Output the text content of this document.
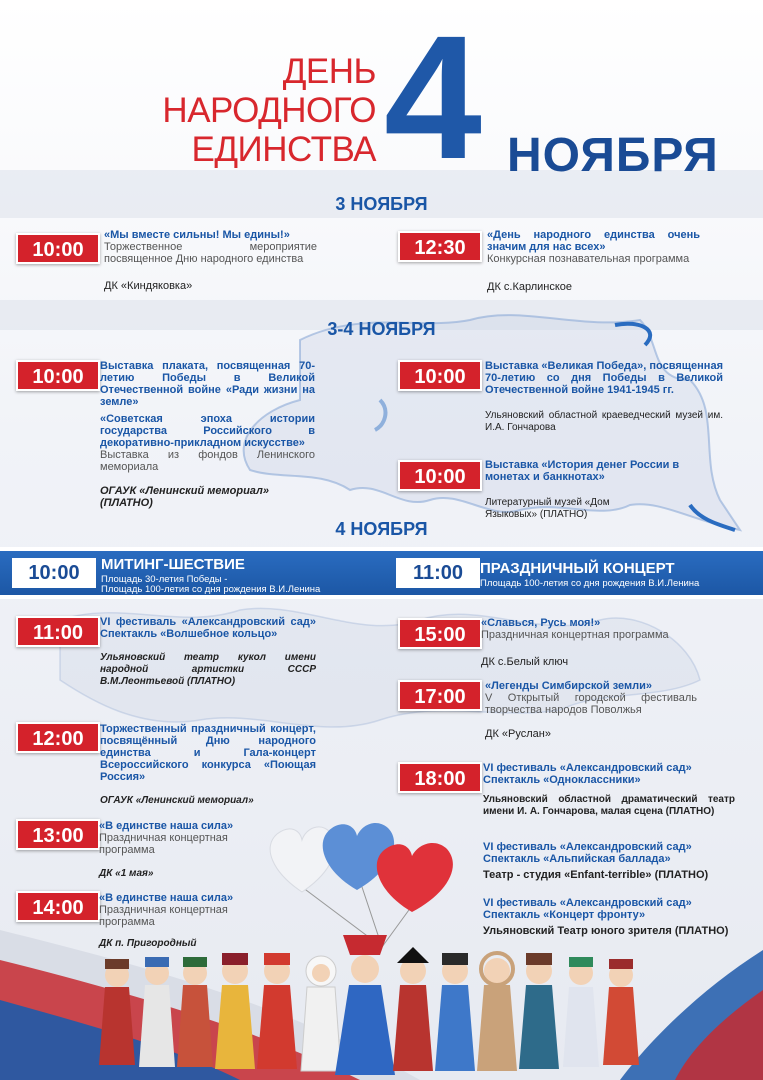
ДЕНЬ
НАРОДНОГО
ЕДИНСТВА 4 НОЯБРЯ
3 НОЯБРЯ
10:00
«Мы вместе сильны! Мы едины!»
Торжественное мероприятие посвященное Дню народного единства
ДК «Киндяковка»
12:30
«День народного единства очень значим для нас всех»
Конкурсная познавательная программа
ДК с.Карлинское
3-4 НОЯБРЯ
10:00	Выставка плаката, посвященная 70-летию Победы в Великой Отечественной войне «Ради жизни на земле»
«Советская эпоха истории государства Российского в декоративно-прикладном искусстве»
Выставка из фондов Ленинского мемориала
ОГАУК «Ленинский мемориал» (ПЛАТНО)
10:00	Выставка «Великая Победа», посвященная 70-летию со дня Победы в Великой Отечественной войне 1941-1945 гг.
Ульяновский областной краеведческий музей им. И.А. Гончарова
10:00
Выставка «История денег России в монетах и банкнотах»
Литературный музей «Дом Языковых» (ПЛАТНО)
4 НОЯБРЯ
10:00	МИТИНГ-ШЕСТВИЕ
Площадь 30-летия Победы -
Площадь 100-летия со дня рождения В.И.Ленина
11:00	ПРАЗДНИЧНЫЙ КОНЦЕРТ
Площадь 100-летия со дня рождения В.И.Ленина
11:00	VI фестиваль «Александровский сад» Спектакль «Волшебное кольцо»
Ульяновский театр кукол имени народной артистки СССР В.М.Леонтьевой (ПЛАТНО)
12:00	Торжественный праздничный концерт, посвящённый Дню народного единства и Гала-концерт Всероссийского конкурса «Поющая Россия»
ОГАУК «Ленинский мемориал»
13:00	«В единстве наша сила»
Праздничная концертная программа
ДК «1 мая»
14:00	«В единстве наша сила»
Праздничная концертная программа
ДК п. Пригородный
15:00
«Славься, Русь моя!»
Праздничная концертная программа
ДК с.Белый ключ
17:00	«Легенды Симбирской земли»
V Открытый городской фестиваль творчества народов Поволжья
ДК «Руслан»
18:00	VI фестиваль «Александровский сад» Спектакль «Одноклассники»
Ульяновский областной драматический театр имени И. А. Гончарова, малая сцена (ПЛАТНО)
VI фестиваль «Александровский сад» Спектакль «Альпийская баллада»
Театр - студия «Enfant-terrible» (ПЛАТНО)
VI фестиваль «Александровский сад» Спектакль «Концерт фронту»
Ульяновский Театр юного зрителя (ПЛАТНО)
